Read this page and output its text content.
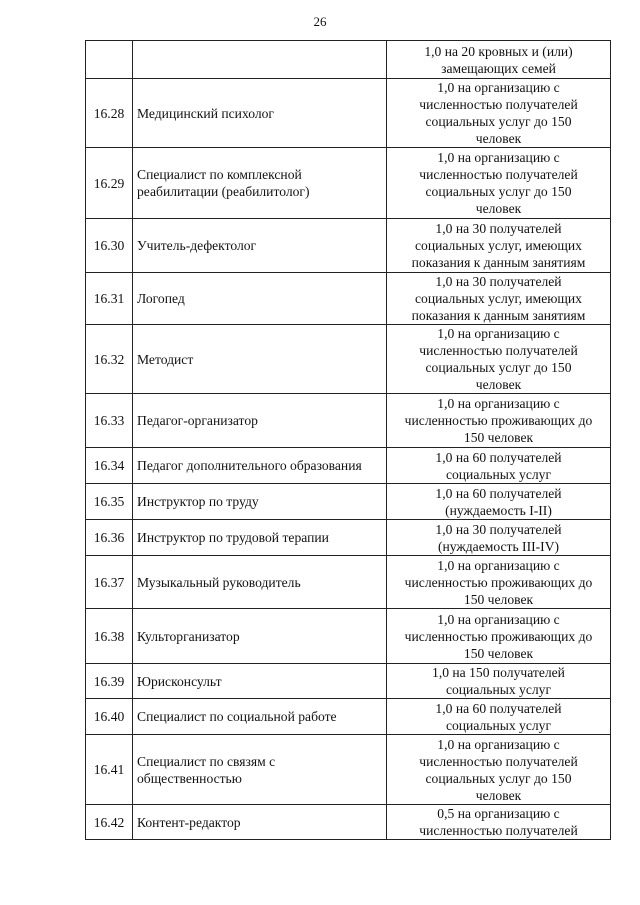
26
		1,0 на 20 кровных и (или)
замещающих семей
16.28	Медицинский психолог	1,0 на организацию с
численностью получателей
социальных услуг до 150
человек
16.29	Специалист по комплексной реабилитации (реабилитолог)	1,0 на организацию с
численностью получателей
социальных услуг до 150
человек
16.30	Учитель-дефектолог	1,0 на 30 получателей
социальных услуг, имеющих
показания к данным занятиям
16.31	Логопед	1,0 на 30 получателей
социальных услуг, имеющих
показания к данным занятиям
16.32	Методист	1,0 на организацию с
численностью получателей
социальных услуг до 150
человек
16.33	Педагог-организатор	1,0 на организацию с
численностью проживающих до
150 человек
16.34	Педагог дополнительного образования	1,0 на 60 получателей
социальных услуг
16.35	Инструктор по труду	1,0 на 60 получателей
(нуждаемость I-II)
16.36	Инструктор по трудовой терапии	1,0 на 30 получателей
(нуждаемость III-IV)
16.37	Музыкальный руководитель	1,0 на организацию с
численностью проживающих до
150 человек
16.38	Культорганизатор	1,0 на организацию с
численностью проживающих до
150 человек
16.39	Юрисконсульт	1,0 на 150 получателей
социальных услуг
16.40	Специалист по социальной работе	1,0 на 60 получателей
социальных услуг
16.41	Специалист по связям с общественностью	1,0 на организацию с
численностью получателей
социальных услуг до 150
человек
16.42	Контент-редактор	0,5 на организацию с
численностью получателей
